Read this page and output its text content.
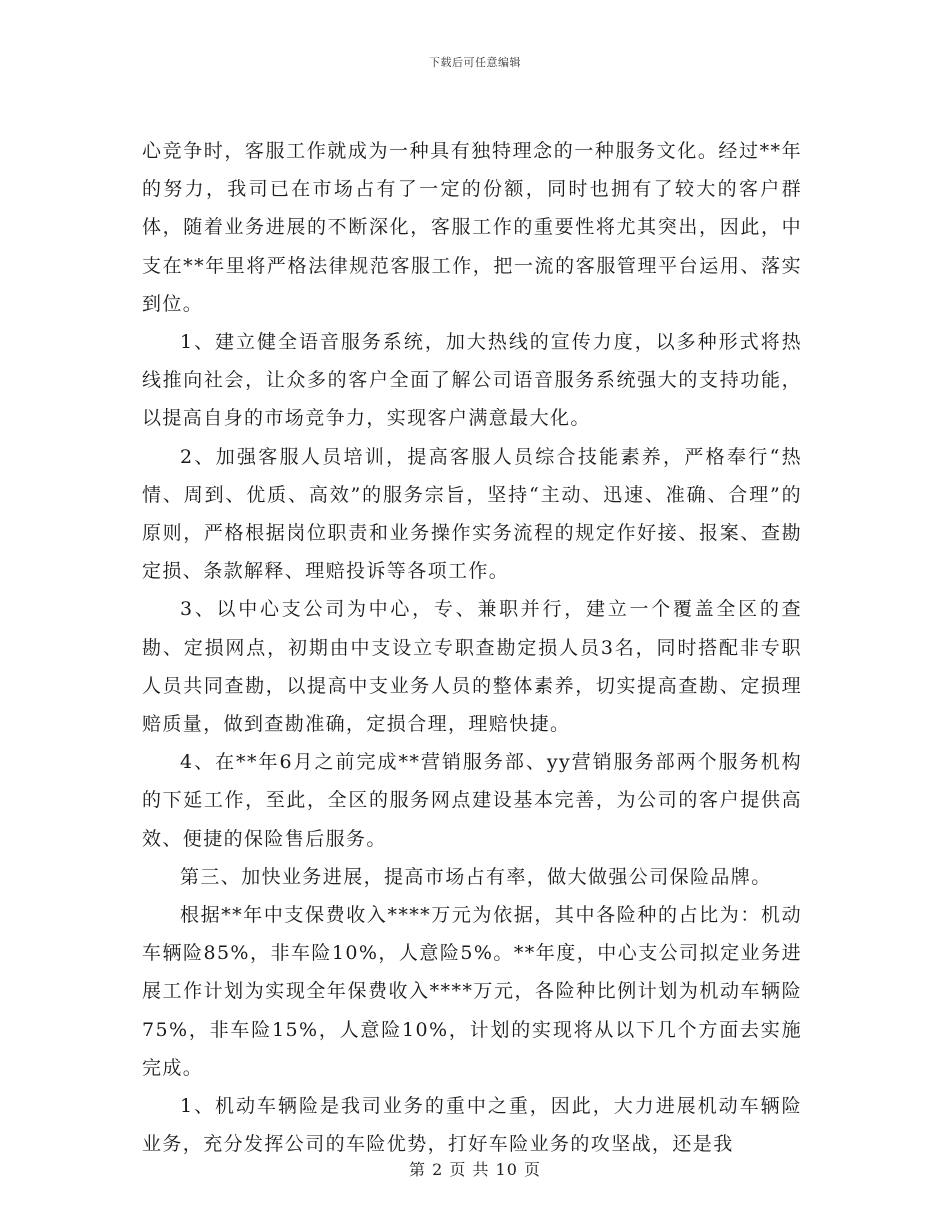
下载后可任意编辑

心竞争时，客服工作就成为一种具有独特理念的一种服务文化。经过**年的努力，我司已在市场占有了一定的份额，同时也拥有了较大的客户群体，随着业务进展的不断深化，客服工作的重要性将尤其突出，因此，中支在**年里将严格法律规范客服工作，把一流的客服管理平台运用、落实到位。

1、建立健全语音服务系统，加大热线的宣传力度，以多种形式将热线推向社会，让众多的客户全面了解公司语音服务系统强大的支持功能，以提高自身的市场竞争力，实现客户满意最大化。

2、加强客服人员培训，提高客服人员综合技能素养，严格奉行“热情、周到、优质、高效”的服务宗旨，坚持“主动、迅速、准确、合理”的原则，严格根据岗位职责和业务操作实务流程的规定作好接、报案、查勘定损、条款解释、理赔投诉等各项工作。

3、以中心支公司为中心，专、兼职并行，建立一个覆盖全区的查勘、定损网点，初期由中支设立专职查勘定损人员3名，同时搭配非专职人员共同查勘，以提高中支业务人员的整体素养，切实提高查勘、定损理赔质量，做到查勘准确，定损合理，理赔快捷。

4、在**年6月之前完成**营销服务部、yy营销服务部两个服务机构的下延工作，至此，全区的服务网点建设基本完善，为公司的客户提供高效、便捷的保险售后服务。

第三、加快业务进展，提高市场占有率，做大做强公司保险品牌。

根据**年中支保费收入****万元为依据，其中各险种的占比为：机动车辆险85%，非车险10%，人意险5%。**年度，中心支公司拟定业务进展工作计划为实现全年保费收入****万元，各险种比例计划为机动车辆险75%，非车险15%，人意险10%，计划的实现将从以下几个方面去实施完成。

1、机动车辆险是我司业务的重中之重，因此，大力进展机动车辆险业务，充分发挥公司的车险优势，打好车险业务的攻坚战，还是我

第 2 页 共 10 页
